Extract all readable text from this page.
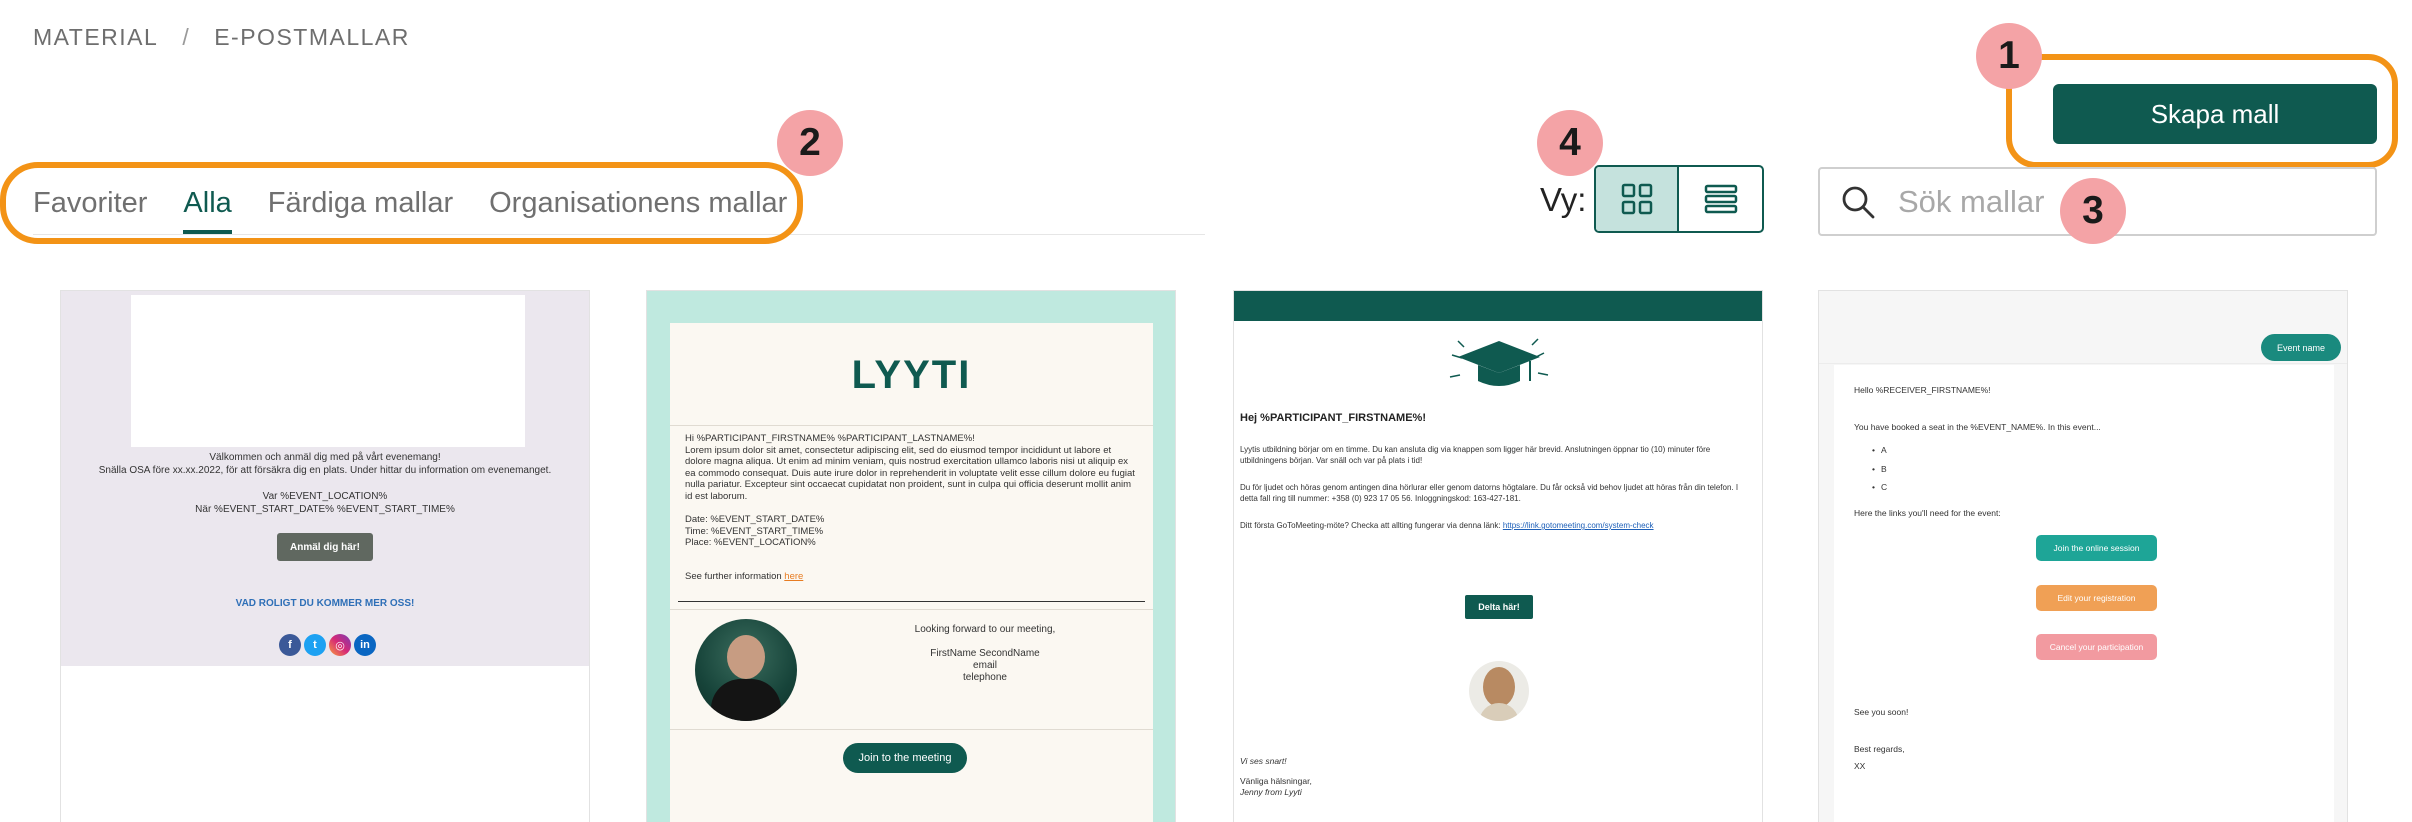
MATERIAL / E-POSTMALLAR
Skapa mall
Favoriter Alla Färdiga mallar Organisationens mallar	Vy:
Sök mallar
1
2
3
4
Välkommen och anmäl dig med på vårt evenemang!
Snälla OSA före xx.xx.2022, för att försäkra dig en plats. Under hittar du information om evenemanget.
Var %EVENT_LOCATION%
När %EVENT_START_DATE% %EVENT_START_TIME%
Anmäl dig här!
VAD ROLIGT DU KOMMER MER OSS!
f	t	◎	in
LYYTI
Hi %PARTICIPANT_FIRSTNAME% %PARTICIPANT_LASTNAME%!
Lorem ipsum dolor sit amet, consectetur adipiscing elit, sed do eiusmod tempor incididunt ut labore et dolore magna aliqua. Ut enim ad minim veniam, quis nostrud exercitation ullamco laboris nisi ut aliquip ex ea commodo consequat. Duis aute irure dolor in reprehenderit in voluptate velit esse cillum dolore eu fugiat nulla pariatur. Excepteur sint occaecat cupidatat non proident, sunt in culpa qui officia deserunt mollit anim id est laborum.
Date: %EVENT_START_DATE%
Time: %EVENT_START_TIME%
Place: %EVENT_LOCATION%
See further information here
Looking forward to our meeting,
FirstName SecondName
email
telephone
Join to the meeting
Hej %PARTICIPANT_FIRSTNAME%!
Lyytis utbildning börjar om en timme. Du kan ansluta dig via knappen som ligger här brevid. Anslutningen öppnar tio (10) minuter före utbildningens början. Var snäll och var på plats i tid!
Du för ljudet och höras genom antingen dina hörlurar eller genom datorns högtalare. Du får också vid behov ljudet att höras från din telefon. I detta fall ring till nummer: +358 (0) 923 17 05 56. Inloggningskod: 163-427-181.
Ditt första GoToMeeting-möte? Checka att allting fungerar via denna länk: https://link.gotomeeting.com/system-check
Delta här!
Vi ses snart!
Vänliga hälsningar,
Jenny from Lyyti
Event name
Hello %RECEIVER_FIRSTNAME%!
You have booked a seat in the %EVENT_NAME%. In this event...
• A
• B
• C
Here the links you'll need for the event:
Join the online session
Edit your registration
Cancel your participation
See you soon!
Best regards,
XX
